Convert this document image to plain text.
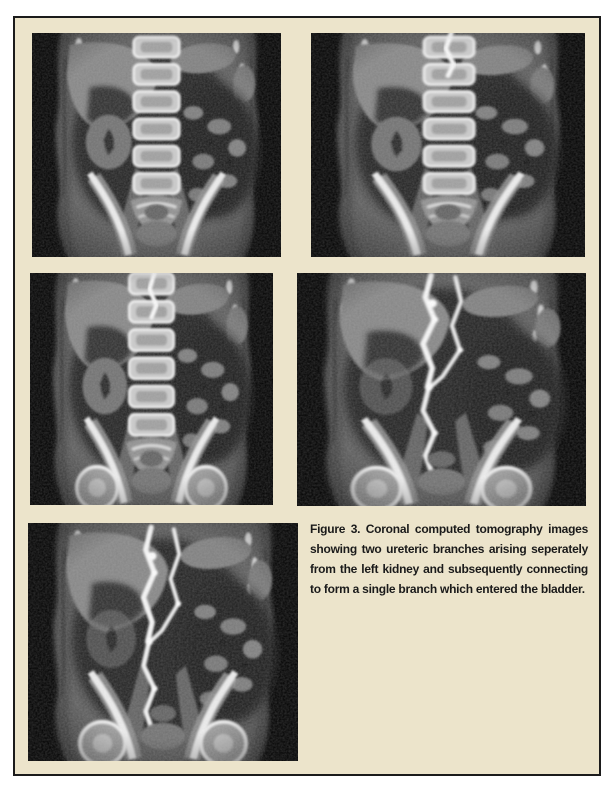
Figure 3. Coronal computed tomography images showing two ureteric branches arising seperately from the left kidney and subsequently connecting to form a single branch which entered the bladder.
